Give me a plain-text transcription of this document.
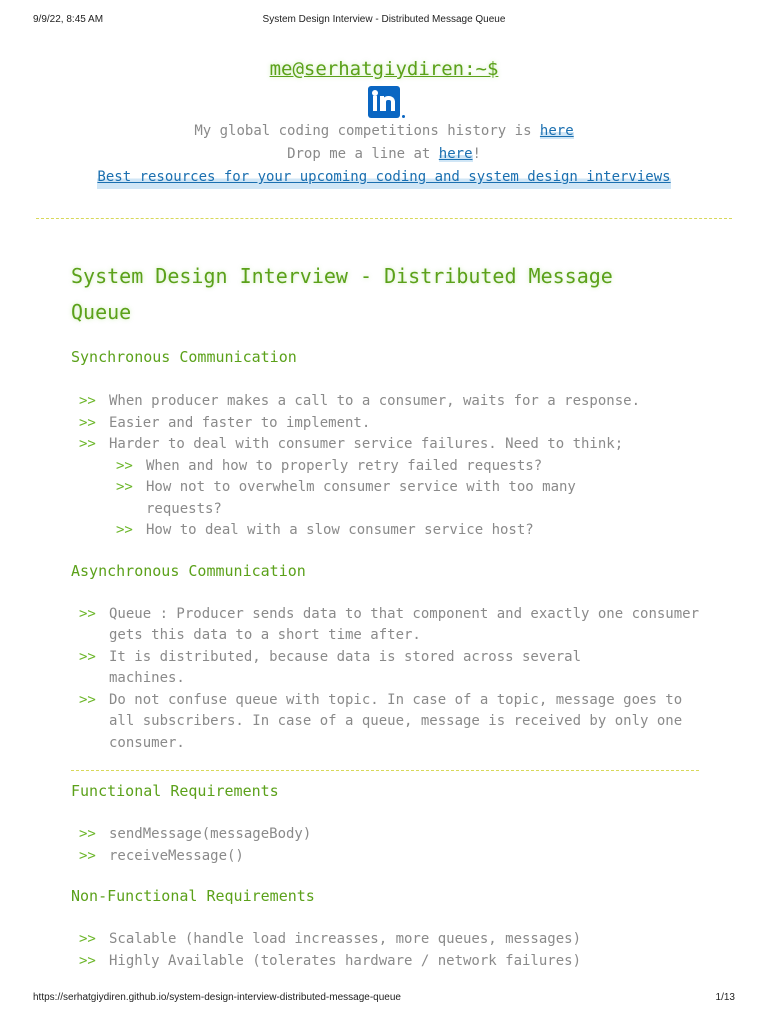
9/9/22, 8:45 AM	System Design Interview - Distributed Message Queue
me@serhatgiydiren:~$
My global coding competitions history is here
Drop me a line at here!
Best resources for your upcoming coding and system design interviews
System Design Interview - Distributed Message
Queue
Synchronous Communication
>> When producer makes a call to a consumer, waits for a response.
>> Easier and faster to implement.
>> Harder to deal with consumer service failures. Need to think;
>> When and how to properly retry failed requests?
>> How not to overwhelm consumer service with too many requests?
>> How to deal with a slow consumer service host?
Asynchronous Communication
>> Queue : Producer sends data to that component and exactly one consumer gets this data to a short time after.
>> It is distributed, because data is stored across several machines.
>> Do not confuse queue with topic. In case of a topic, message goes to all subscribers. In case of a queue, message is received by only one consumer.
Functional Requirements
>> sendMessage(messageBody)
>> receiveMessage()
Non-Functional Requirements
>> Scalable (handle load increasses, more queues, messages)
>> Highly Available (tolerates hardware / network failures)
https://serhatgiydiren.github.io/system-design-interview-distributed-message-queue	1/13
